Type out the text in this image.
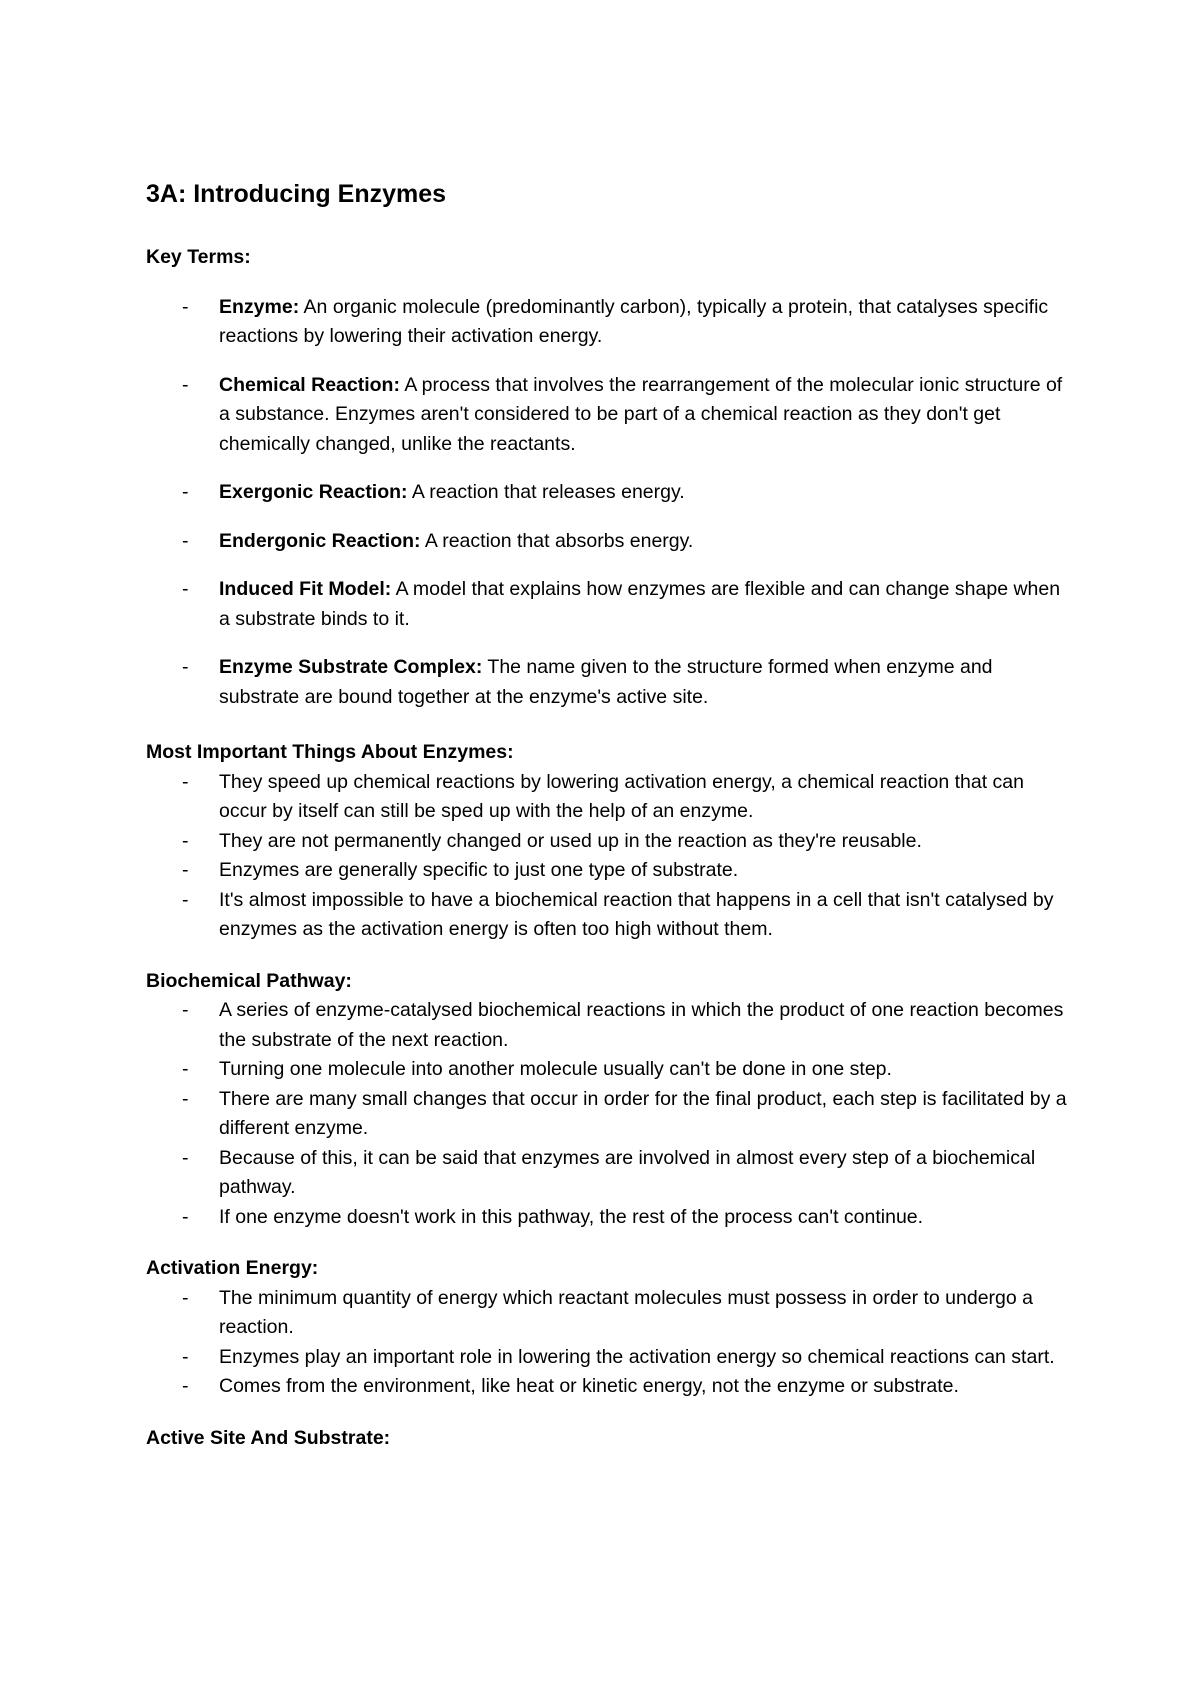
3A: Introducing Enzymes
Key Terms:
- Enzyme: An organic molecule (predominantly carbon), typically a protein, that catalyses specific reactions by lowering their activation energy.
- Chemical Reaction: A process that involves the rearrangement of the molecular ionic structure of a substance. Enzymes aren't considered to be part of a chemical reaction as they don't get chemically changed, unlike the reactants.
- Exergonic Reaction: A reaction that releases energy.
- Endergonic Reaction: A reaction that absorbs energy.
- Induced Fit Model: A model that explains how enzymes are flexible and can change shape when a substrate binds to it.
- Enzyme Substrate Complex: The name given to the structure formed when enzyme and substrate are bound together at the enzyme's active site.
Most Important Things About Enzymes:
- They speed up chemical reactions by lowering activation energy, a chemical reaction that can occur by itself can still be sped up with the help of an enzyme.
- They are not permanently changed or used up in the reaction as they're reusable.
- Enzymes are generally specific to just one type of substrate.
- It's almost impossible to have a biochemical reaction that happens in a cell that isn't catalysed by enzymes as the activation energy is often too high without them.
Biochemical Pathway:
- A series of enzyme-catalysed biochemical reactions in which the product of one reaction becomes the substrate of the next reaction.
- Turning one molecule into another molecule usually can't be done in one step.
- There are many small changes that occur in order for the final product, each step is facilitated by a different enzyme.
- Because of this, it can be said that enzymes are involved in almost every step of a biochemical pathway.
- If one enzyme doesn't work in this pathway, the rest of the process can't continue.
Activation Energy:
- The minimum quantity of energy which reactant molecules must possess in order to undergo a reaction.
- Enzymes play an important role in lowering the activation energy so chemical reactions can start.
- Comes from the environment, like heat or kinetic energy, not the enzyme or substrate.
Active Site And Substrate:
